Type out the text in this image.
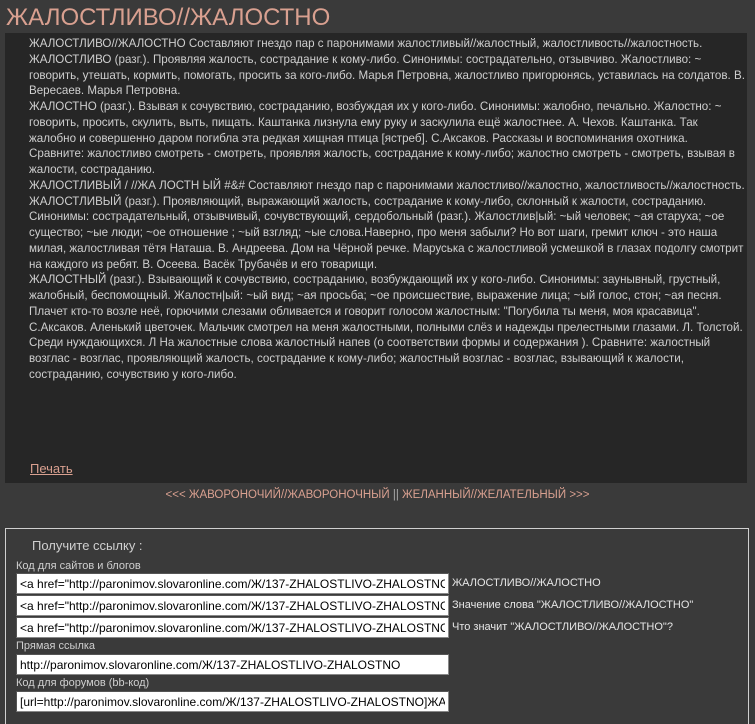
ЖАЛОСТЛИВО//ЖАЛОСТНО

ЖАЛОСТЛИВО//ЖАЛОСТНО Составляют гнездо пар с паронимами жалостливый//жалостный, жалостливость//жалостность.

ЖАЛОСТЛИВО (разг.). Проявляя жалость, сострадание к кому-либо. Синонимы: сострадательно, отзывчиво. Жалостливо: ~ говорить, утешать, кормить, помогать, просить за кого-либо. Марья Петровна, жалостливо пригорюнясь, уставилась на солдатов. В. Вересаев. Марья Петровна.

ЖАЛОСТНО (разг.). Взывая к сочувствию, состраданию, возбуждая их у кого-либо. Синонимы: жалобно, печально. Жалостно: ~ говорить, просить, скулить, выть, пищать. Каштанка лизнула ему руку и заскулила ещё жалостнее. А. Чехов. Каштанка. Так жалобно и совершенно даром погибла эта редкая хищная птица [ястреб]. С.Аксаков. Рассказы и воспоминания охотника. Сравните: жалостливо смотреть - смотреть, проявляя жалость, сострадание к кому-либо; жалостно смотреть - смотреть, взывая в жалости, состраданию.

ЖАЛОСТЛИВЫЙ / //ЖА ЛОСТН ЫЙ #&# Составляют гнездо пар с паронимами жалостливо//жалостно, жалостливость//жалостность.

ЖАЛОСТЛИВЫЙ (разг.). Проявляющий, выражающий жалость, сострадание к кому-либо, склонный к жалости, состраданию. Синонимы: сострадательный, отзывчивый, сочувствующий, сердобольный (разг.). Жалостлив|ый: ~ый человек; ~ая старуха; ~ое существо; ~ые люди; ~ое отношение ; ~ый взгляд; ~ые слова.Наверно, про меня забыли? Но вот шаги, гремит ключ - это наша милая, жалостливая тётя Наташа. В. Андреева. Дом на Чёрной речке. Маруська с жалостливой усмешкой в глазах подолгу смотрит на каждого из ребят. В. Осеева. Васёк Трубачёв и его товарищи.

ЖАЛОСТНЫЙ (разг.). Взывающий к сочувствию, состраданию, возбуждающий их у кого-либо. Синонимы: заунывный, грустный, жалобный, беспомощный. Жалостн|ый: ~ый вид; ~ая просьба; ~ое происшествие, выражение лица; ~ый голос, стон; ~ая песня. Плачет кто-то возле неё, горючими слезами обливается и говорит голосом жалостным: "Погубила ты меня, моя красавица". С.Аксаков. Аленький цветочек. Мальчик смотрел на меня жалостными, полными слёз и надежды прелестными глазами. Л. Толстой. Среди нуждающихся. Л На жалостные слова жалостный напев (о соответствии формы и содержания ). Сравните: жалостный возглас - возглас, проявляющий жалость, сострадание к кому-либо; жалостный возглас - возглас, взывающий к жалости, состраданию, сочувствию у кого-либо.

Печать
<<< ЖАВОРОНОЧИЙ//ЖАВОРОНОЧНЫЙ || ЖЕЛАННЫЙ//ЖЕЛАТЕЛЬНЫЙ >>>
Получите ссылку :
Код для сайтов и блогов
<a href="http://paronimov.slovaronline.com/Ж/137-ZHALOSTLIVO-ZHALOSTNO">ЖАЛОСТЛИВО//ЖАЛОСТНО</a>
ЖАЛОСТЛИВО//ЖАЛОСТНО
<a href="http://paronimov.slovaronline.com/Ж/137-ZHALOSTLIVO-ZHALOSTNO">Значение слова "ЖАЛОСТЛИВО//ЖАЛОСТНО"</a>
Значение слова "ЖАЛОСТЛИВО//ЖАЛОСТНО"
<a href="http://paronimov.slovaronline.com/Ж/137-ZHALOSTLIVO-ZHALOSTNO">Что значит "ЖАЛОСТЛИВО//ЖАЛОСТНО"?</a>
Что значит "ЖАЛОСТЛИВО//ЖАЛОСТНО"?
Прямая ссылка
http://paronimov.slovaronline.com/Ж/137-ZHALOSTLIVO-ZHALOSTNO
Код для форумов (bb-код)
[url=http://paronimov.slovaronline.com/Ж/137-ZHALOSTLIVO-ZHALOSTNO]ЖАЛОСТЛИВО//ЖАЛОСТНО[/url]
